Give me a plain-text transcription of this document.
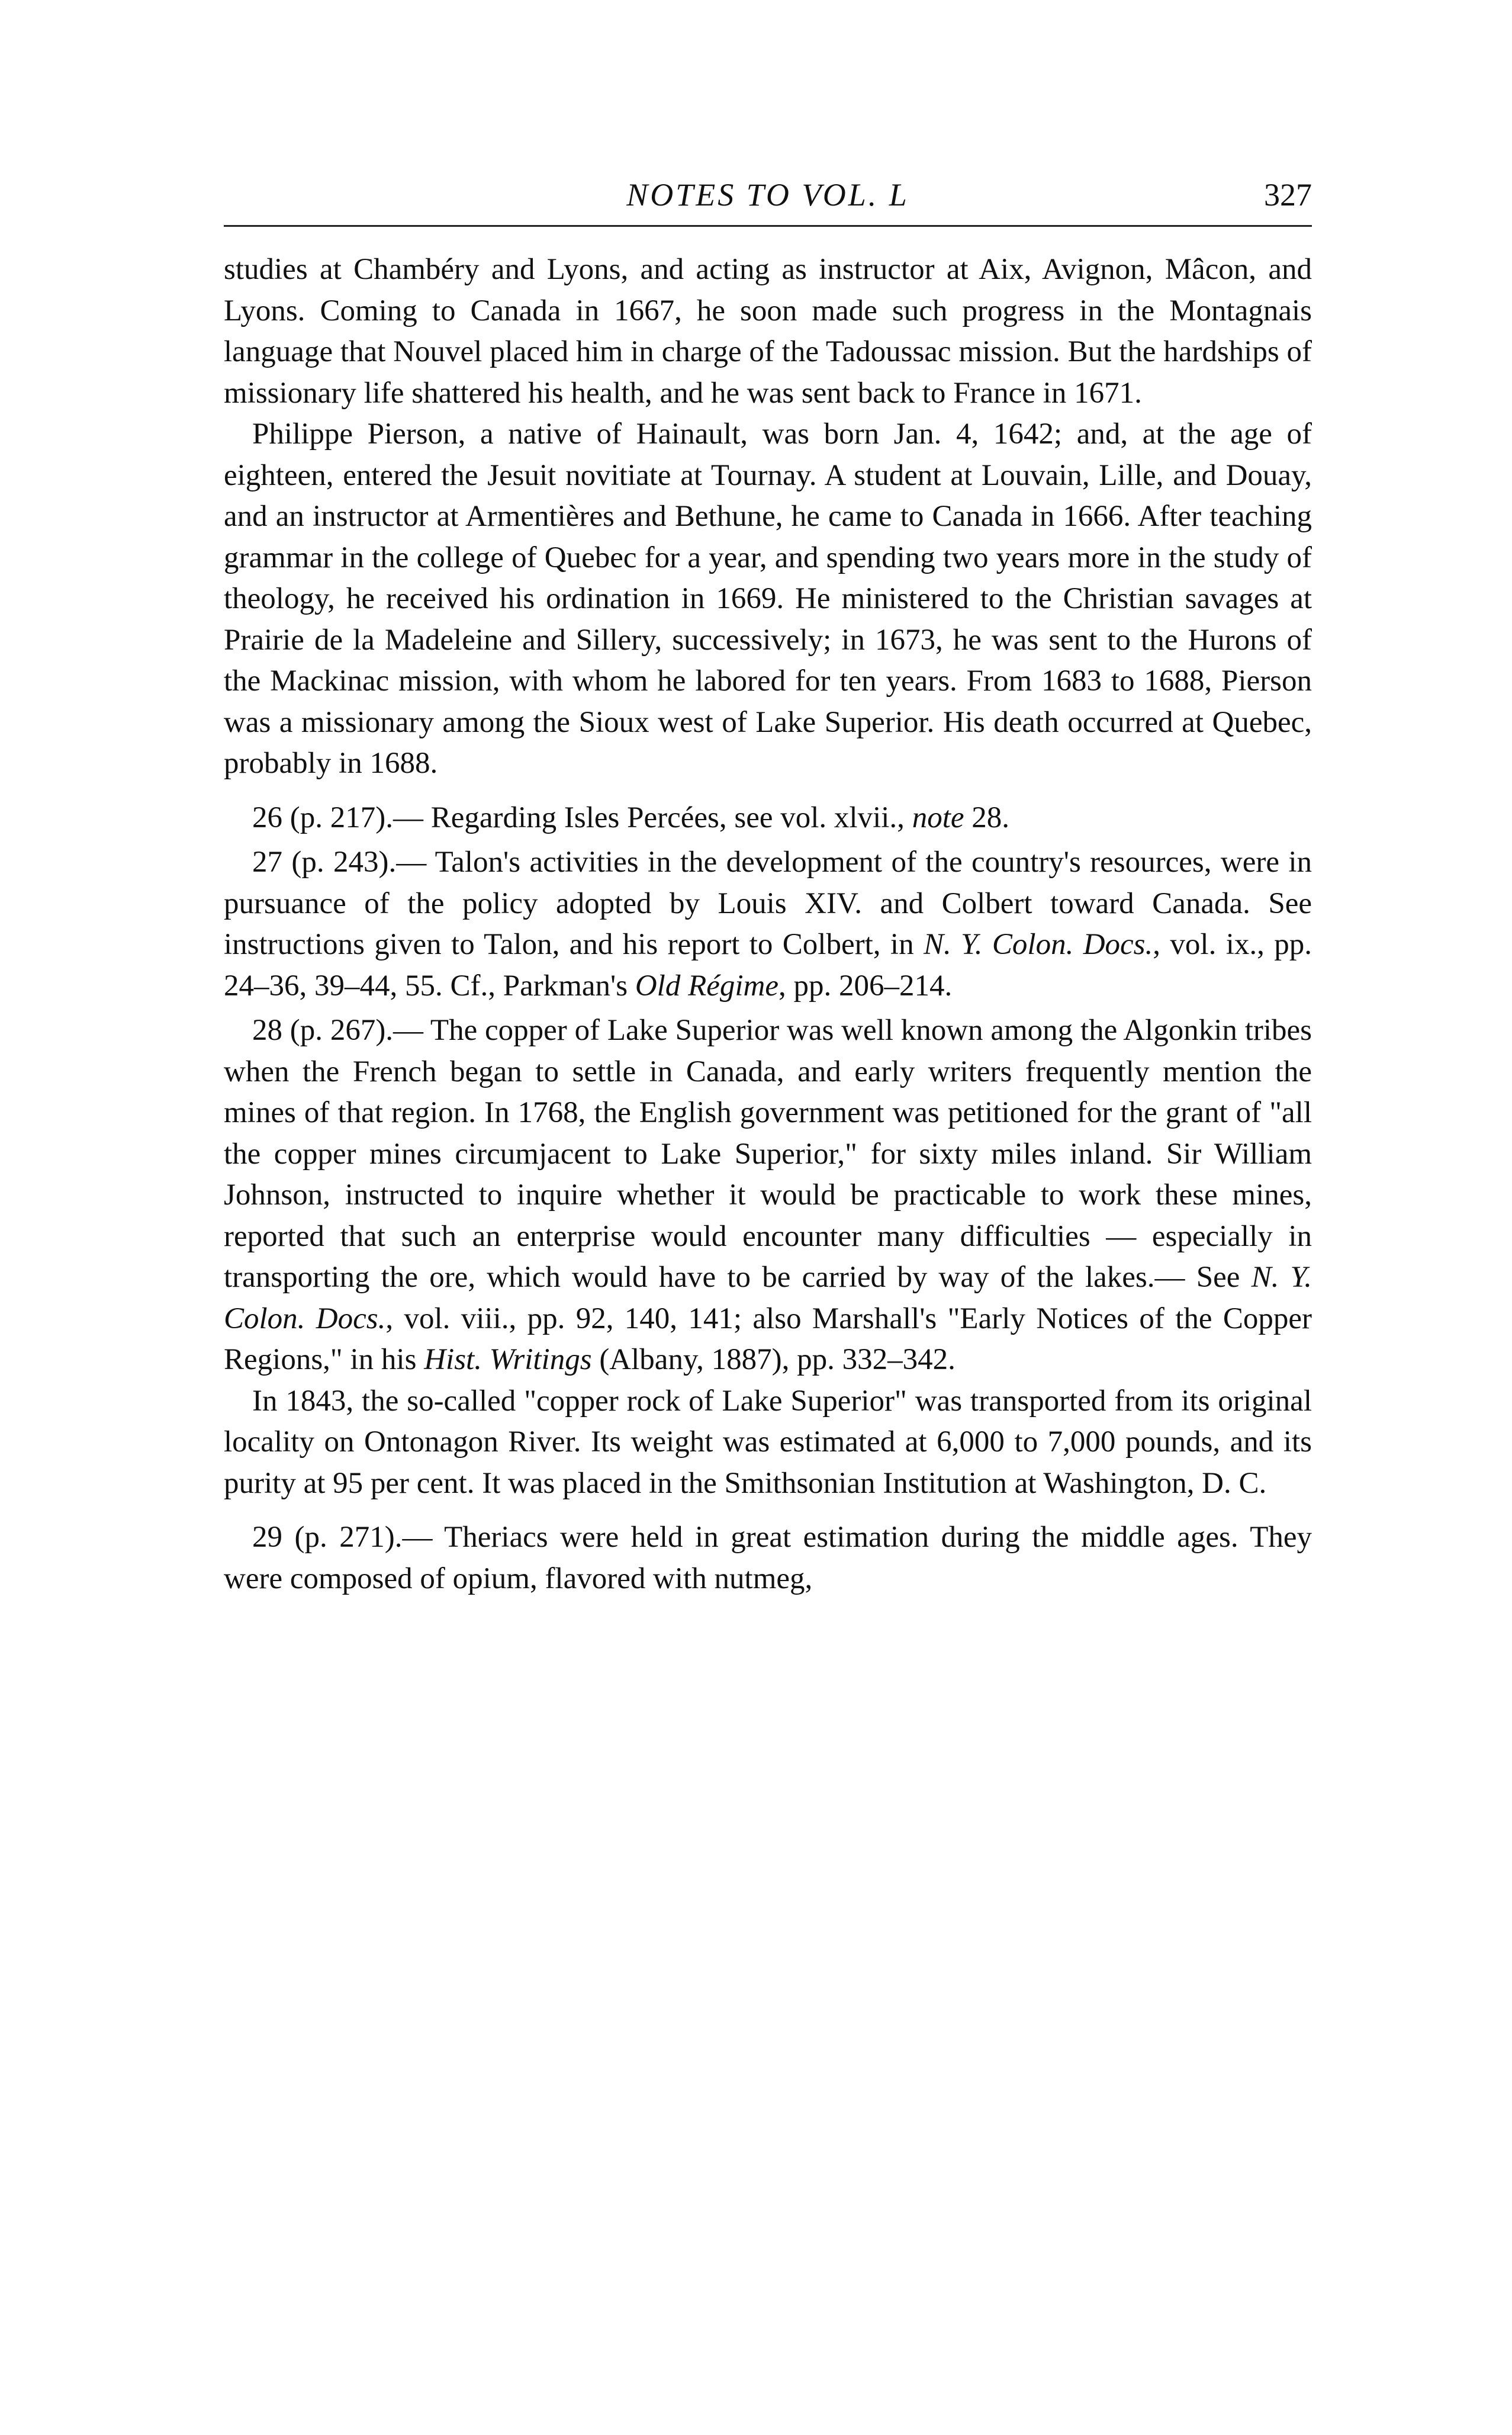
NOTES TO VOL. L	327

studies at Chambéry and Lyons, and acting as instructor at Aix, Avignon, Mâcon, and Lyons. Coming to Canada in 1667, he soon made such progress in the Montagnais language that Nouvel placed him in charge of the Tadoussac mission. But the hardships of missionary life shattered his health, and he was sent back to France in 1671.

Philippe Pierson, a native of Hainault, was born Jan. 4, 1642; and, at the age of eighteen, entered the Jesuit novitiate at Tournay. A student at Louvain, Lille, and Douay, and an instructor at Armentières and Bethune, he came to Canada in 1666. After teaching grammar in the college of Quebec for a year, and spending two years more in the study of theology, he received his ordination in 1669. He ministered to the Christian savages at Prairie de la Madeleine and Sillery, successively; in 1673, he was sent to the Hurons of the Mackinac mission, with whom he labored for ten years. From 1683 to 1688, Pierson was a missionary among the Sioux west of Lake Superior. His death occurred at Quebec, probably in 1688.

26 (p. 217).— Regarding Isles Percées, see vol. xlvii., note 28.

27 (p. 243).— Talon's activities in the development of the country's resources, were in pursuance of the policy adopted by Louis XIV. and Colbert toward Canada. See instructions given to Talon, and his report to Colbert, in N. Y. Colon. Docs., vol. ix., pp. 24–36, 39–44, 55. Cf., Parkman's Old Régime, pp. 206–214.

28 (p. 267).— The copper of Lake Superior was well known among the Algonkin tribes when the French began to settle in Canada, and early writers frequently mention the mines of that region. In 1768, the English government was petitioned for the grant of "all the copper mines circumjacent to Lake Superior," for sixty miles inland. Sir William Johnson, instructed to inquire whether it would be practicable to work these mines, reported that such an enterprise would encounter many difficulties — especially in transporting the ore, which would have to be carried by way of the lakes.— See N. Y. Colon. Docs., vol. viii., pp. 92, 140, 141; also Marshall's "Early Notices of the Copper Regions," in his Hist. Writings (Albany, 1887), pp. 332–342.

In 1843, the so-called "copper rock of Lake Superior" was transported from its original locality on Ontonagon River. Its weight was estimated at 6,000 to 7,000 pounds, and its purity at 95 per cent. It was placed in the Smithsonian Institution at Washington, D. C.

29 (p. 271).— Theriacs were held in great estimation during the middle ages. They were composed of opium, flavored with nutmeg,
